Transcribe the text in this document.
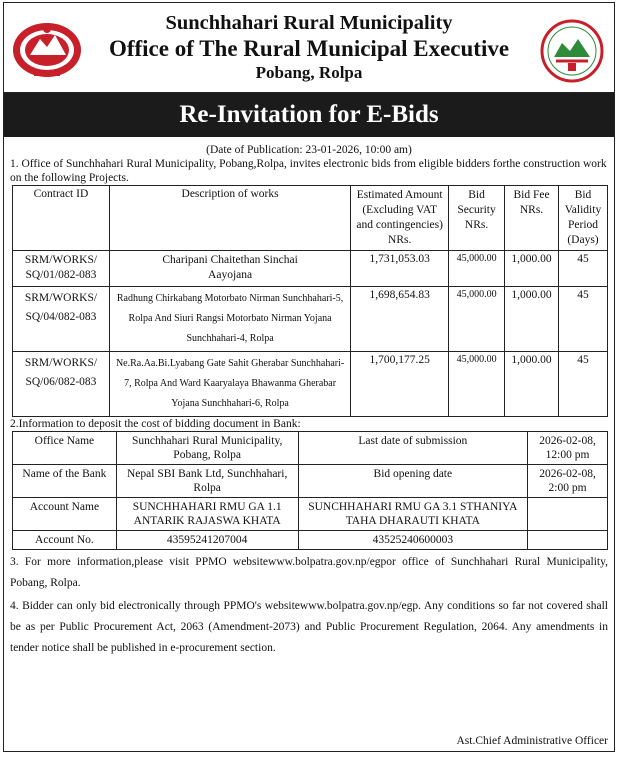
Sunchhahari Rural Municipality
Office of The Rural Municipal Executive
Pobang, Rolpa
Re-Invitation for E-Bids
(Date of Publication: 23-01-2026, 10:00 am)
1. Office of Sunchhahari Rural Municipality, Pobang,Rolpa, invites electronic bids from eligible bidders forthe construction work on the following Projects.
Contract ID	Description of works	Estimated Amount (Excluding VAT and contingencies) NRs.	Bid Security NRs.	Bid Fee NRs.	Bid Validity Period (Days)
SRM/WORKS/ SQ/01/082-083	Charipani Chaitethan Sinchai Aayojana	1,731,053.03	45,000.00	1,000.00	45
SRM/WORKS/ SQ/04/082-083	Radhung Chirkabang Motorbato Nirman Sunchhahari-5, Rolpa And Siuri Rangsi Motorbato Nirman Yojana Sunchhahari-4, Rolpa	1,698,654.83	45,000.00	1,000.00	45
SRM/WORKS/ SQ/06/082-083	Ne.Ra.Aa.Bi.Lyabang Gate Sahit Gherabar Sunchhahari-7, Rolpa And Ward Kaaryalaya Bhawanma Gherabar Yojana Sunchhahari-6, Rolpa	1,700,177.25	45,000.00	1,000.00	45
2.Information to deposit the cost of bidding document in Bank:
Office Name	Sunchhahari Rural Municipality, Pobang, Rolpa	Last date of submission	2026-02-08, 12:00 pm
Name of the Bank	Nepal SBI Bank Ltd, Sunchhahari, Rolpa	Bid opening date	2026-02-08, 2:00 pm
Account Name	SUNCHHAHARI RMU GA 1.1 ANTARIK RAJASWA KHATA	SUNCHHAHARI RMU GA 3.1 STHANIYA TAHA DHARAUTI KHATA	
Account No.	43595241207004	43525240600003	
3. For more information,please visit PPMO websitewww.bolpatra.gov.np/egpor office of Sunchhahari Rural Municipality, Pobang, Rolpa.
4. Bidder can only bid electronically through PPMO's websitewww.bolpatra.gov.np/egp. Any conditions so far not covered shall be as per Public Procurement Act, 2063 (Amendment-2073) and Public Procurement Regulation, 2064. Any amendments in tender notice shall be published in e-procurement section.
Ast.Chief Administrative Officer
